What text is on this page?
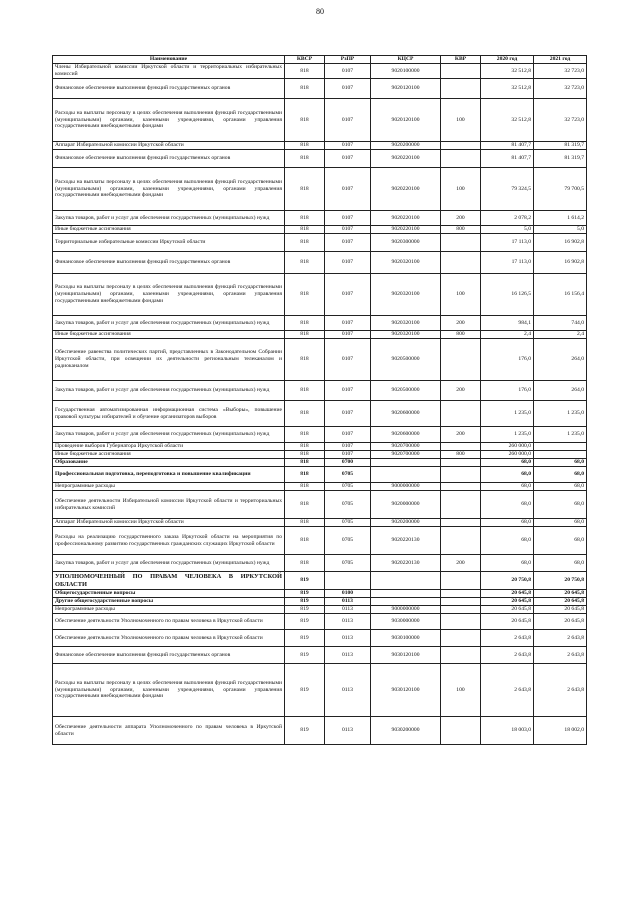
80
Наименование	КВСР	РзПР	КЦСР	КВР	2020 год	2021 год
Члены Избирательной комиссии Иркутской области и территориальных избирательных комиссий	818	0107	9020100000		32 512,8	32 723,0
Финансовое обеспечение выполнения функций государственных органов	818	0107	9020120100		32 512,8	32 723,0
Расходы на выплаты персоналу в целях обеспечения выполнения функций государственными (муниципальными) органами, казенными учреждениями, органами управления государственными внебюджетными фондами	818	0107	9020120100	100	32 512,8	32 723,0
Аппарат Избирательной комиссии Иркутской области	818	0107	9020200000		81 407,7	81 319,7
Финансовое обеспечение выполнения функций государственных органов	818	0107	9020220100		81 407,7	81 319,7
Расходы на выплаты персоналу в целях обеспечения выполнения функций государственными (муниципальными) органами, казенными учреждениями, органами управления государственными внебюджетными фондами	818	0107	9020220100	100	79 324,5	79 700,5
Закупка товаров, работ и услуг для обеспечения государственных (муниципальных) нужд	818	0107	9020220100	200	2 078,2	1 614,2
Иные бюджетные ассигнования	818	0107	9020220100	800	5,0	5,0
Территориальные избирательные комиссии Иркутской области	818	0107	9020300000		17 113,0	16 902,8
Финансовое обеспечение выполнения функций государственных органов	818	0107	9020320100		17 113,0	16 902,8
Расходы на выплаты персоналу в целях обеспечения выполнения функций государственными (муниципальными) органами, казенными учреждениями, органами управления государственными внебюджетными фондами	818	0107	9020320100	100	16 126,5	16 156,4
Закупка товаров, работ и услуг для обеспечения государственных (муниципальных) нужд	818	0107	9020320100	200	984,1	744,0
Иные бюджетные ассигнования	818	0107	9020320100	800	2,4	2,4
Обеспечение равенства политических партий, представленных в Законодательном Собрании Иркутской области, при освещении их деятельности региональным телеканалом и радиоканалом	818	0107	9020500000		176,0	264,0
Закупка товаров, работ и услуг для обеспечения государственных (муниципальных) нужд	818	0107	9020500000	200	176,0	264,0
Государственная автоматизированная информационная система «Выборы», повышение правовой культуры избирателей и обучение организаторов выборов	818	0107	9020600000		1 235,0	1 235,0
Закупка товаров, работ и услуг для обеспечения государственных (муниципальных) нужд	818	0107	9020600000	200	1 235,0	1 235,0
Проведение выборов Губернатора Иркутской области	818	0107	9020700000		260 000,0	
Иные бюджетные ассигнования	818	0107	9020700000	800	260 000,0	
Образование	818	0700			68,0	68,0
Профессиональная подготовка, переподготовка и повышение квалификации	818	0705			68,0	68,0
Непрограммные расходы	818	0705	9000000000		68,0	68,0
Обеспечение деятельности Избирательной комиссии Иркутской области и территориальных избирательных комиссий	818	0705	9020000000		68,0	68,0
Аппарат Избирательной комиссии Иркутской области	818	0705	9020200000		68,0	68,0
Расходы на реализацию государственного заказа Иркутской области на мероприятия по профессиональному развитию государственных гражданских служащих Иркутской области	818	0705	9020220130		68,0	68,0
Закупка товаров, работ и услуг для обеспечения государственных (муниципальных) нужд	818	0705	9020220130	200	68,0	68,0
УПОЛНОМОЧЕННЫЙ ПО ПРАВАМ ЧЕЛОВЕКА В ИРКУТСКОЙ ОБЛАСТИ	819				20 750,8	20 750,8
Общегосударственные вопросы	819	0100			20 645,8	20 645,8
Другие общегосударственные вопросы	819	0113			20 645,8	20 645,8
Непрограммные расходы	819	0113	9000000000		20 645,8	20 645,8
Обеспечение деятельности Уполномоченного по правам человека в Иркутской области	819	0113	9030000000		20 645,8	20 645,8
Обеспечение деятельности Уполномоченного по правам человека в Иркутской области	819	0113	9030100000		2 643,8	2 643,8
Финансовое обеспечение выполнения функций государственных органов	819	0113	9030120100		2 643,8	2 643,8
Расходы на выплаты персоналу в целях обеспечения выполнения функций государственными (муниципальными) органами, казенными учреждениями, органами управления государственными внебюджетными фондами	819	0113	9030120100	100	2 643,8	2 643,8
Обеспечение деятельности аппарата Уполномоченного по правам человека в Иркутской области	819	0113	9030200000		18 003,0	18 002,0
